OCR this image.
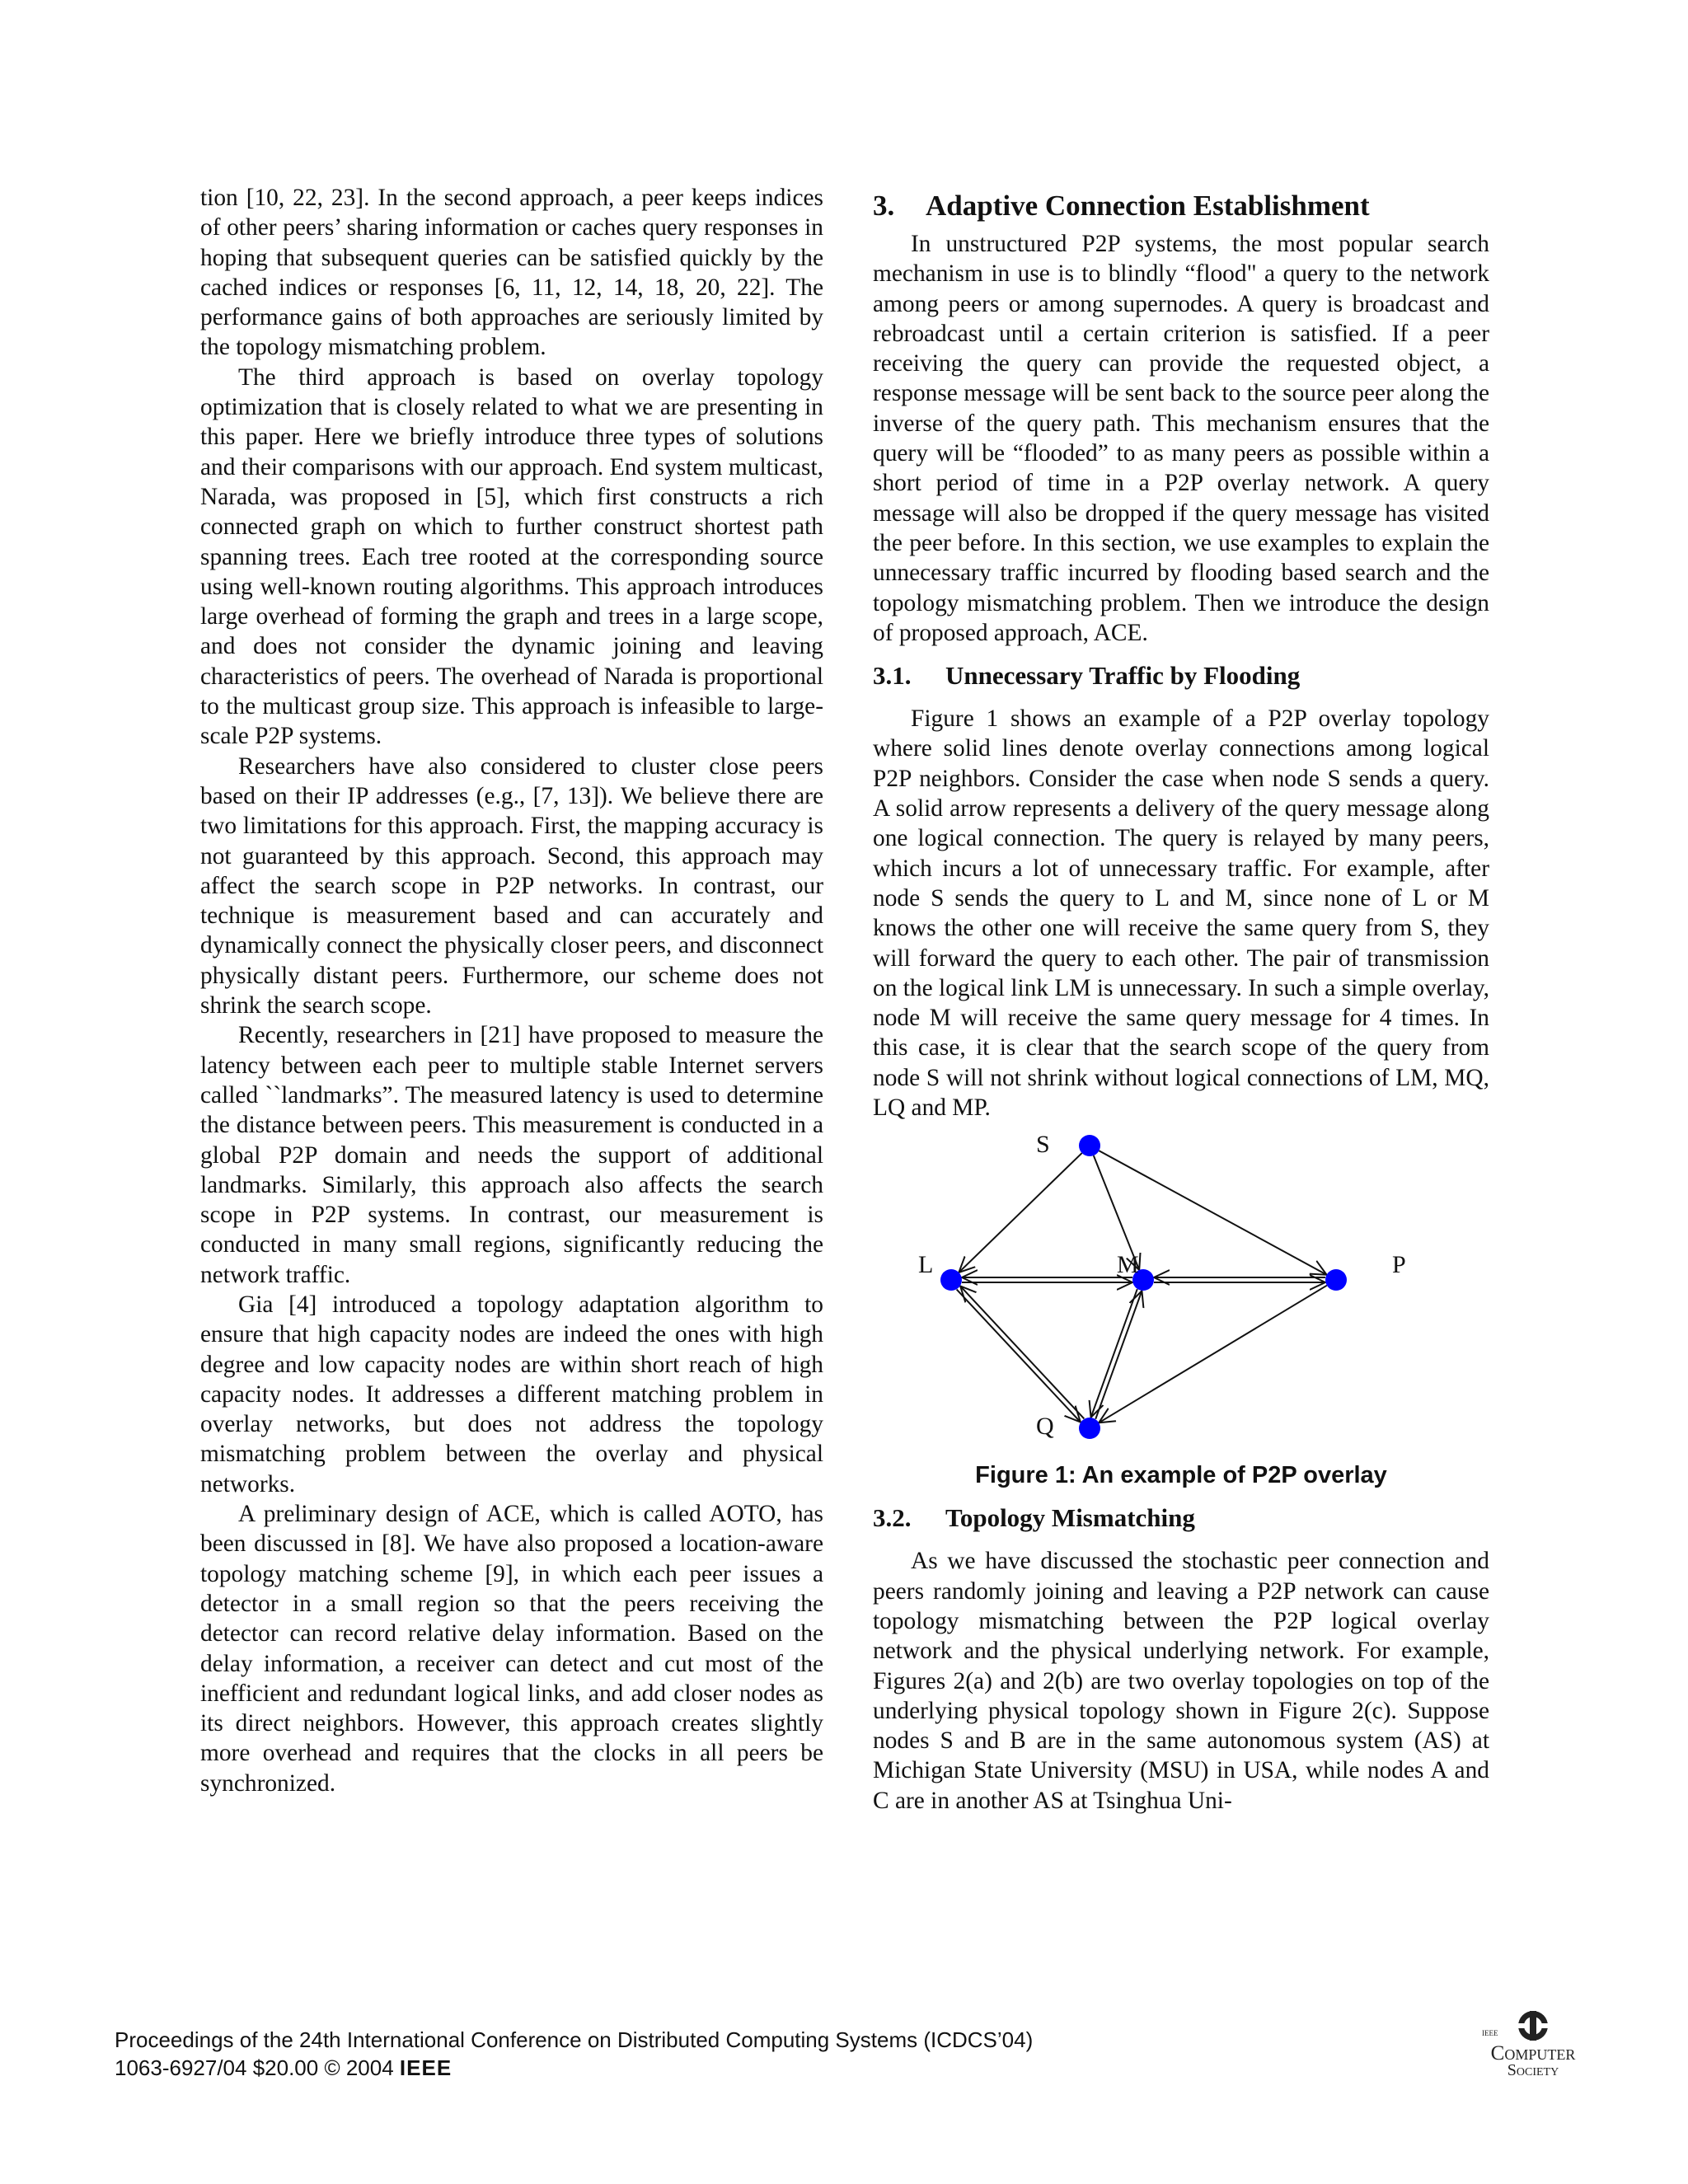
tion [10, 22, 23]. In the second approach, a peer keeps indices of other peers’ sharing information or caches query responses in hoping that subsequent queries can be satisfied quickly by the cached indices or responses [6, 11, 12, 14, 18, 20, 22]. The performance gains of both approaches are seriously limited by the topology mismatching problem.

The third approach is based on overlay topology optimization that is closely related to what we are presenting in this paper. Here we briefly introduce three types of solutions and their comparisons with our approach. End system multicast, Narada, was proposed in [5], which first constructs a rich connected graph on which to further construct shortest path spanning trees. Each tree rooted at the corresponding source using well-known routing algorithms. This approach introduces large overhead of forming the graph and trees in a large scope, and does not consider the dynamic joining and leaving characteristics of peers. The overhead of Narada is proportional to the multicast group size. This approach is infeasible to large-scale P2P systems.

Researchers have also considered to cluster close peers based on their IP addresses (e.g., [7, 13]). We believe there are two limitations for this approach. First, the mapping accuracy is not guaranteed by this approach. Second, this approach may affect the search scope in P2P networks. In contrast, our technique is measurement based and can accurately and dynamically connect the physically closer peers, and disconnect physically distant peers. Furthermore, our scheme does not shrink the search scope.

Recently, researchers in [21] have proposed to measure the latency between each peer to multiple stable Internet servers called ``landmarks”. The measured latency is used to determine the distance between peers. This measurement is conducted in a global P2P domain and needs the support of additional landmarks. Similarly, this approach also affects the search scope in P2P systems. In contrast, our measurement is conducted in many small regions, significantly reducing the network traffic.

Gia [4] introduced a topology adaptation algorithm to ensure that high capacity nodes are indeed the ones with high degree and low capacity nodes are within short reach of high capacity nodes. It addresses a different matching problem in overlay networks, but does not address the topology mismatching problem between the overlay and physical networks.

A preliminary design of ACE, which is called AOTO, has been discussed in [8]. We have also proposed a location-aware topology matching scheme [9], in which each peer issues a detector in a small region so that the peers receiving the detector can record relative delay information. Based on the delay information, a receiver can detect and cut most of the inefficient and redundant logical links, and add closer nodes as its direct neighbors. However, this approach creates slightly more overhead and requires that the clocks in all peers be synchronized.

3. Adaptive Connection Establishment

In unstructured P2P systems, the most popular search mechanism in use is to blindly “flood" a query to the network among peers or among supernodes. A query is broadcast and rebroadcast until a certain criterion is satisfied. If a peer receiving the query can provide the requested object, a response message will be sent back to the source peer along the inverse of the query path. This mechanism ensures that the query will be “flooded” to as many peers as possible within a short period of time in a P2P overlay network. A query message will also be dropped if the query message has visited the peer before. In this section, we use examples to explain the unnecessary traffic incurred by flooding based search and the topology mismatching problem. Then we introduce the design of proposed approach, ACE.

3.1. Unnecessary Traffic by Flooding

Figure 1 shows an example of a P2P overlay topology where solid lines denote overlay connections among logical P2P neighbors. Consider the case when node S sends a query. A solid arrow represents a delivery of the query message along one logical connection. The query is relayed by many peers, which incurs a lot of unnecessary traffic. For example, after node S sends the query to L and M, since none of L or M knows the other one will receive the same query from S, they will forward the query to each other. The pair of transmission on the logical link LM is unnecessary. In such a simple overlay, node M will receive the same query message for 4 times. In this case, it is clear that the search scope of the query from node S will not shrink without logical connections of LM, MQ, LQ and MP.

S
L	M	P
Q

Figure 1: An example of P2P overlay

3.2. Topology Mismatching

As we have discussed the stochastic peer connection and peers randomly joining and leaving a P2P network can cause topology mismatching between the P2P logical overlay network and the physical underlying network. For example, Figures 2(a) and 2(b) are two overlay topologies on top of the underlying physical topology shown in Figure 2(c). Suppose nodes S and B are in the same autonomous system (AS) at Michigan State University (MSU) in USA, while nodes A and C are in another AS at Tsinghua Uni-

Proceedings of the 24th International Conference on Distributed Computing Systems (ICDCS’04)
1063-6927/04 $20.00 © 2004 IEEE
IEEE
Computer
Society
